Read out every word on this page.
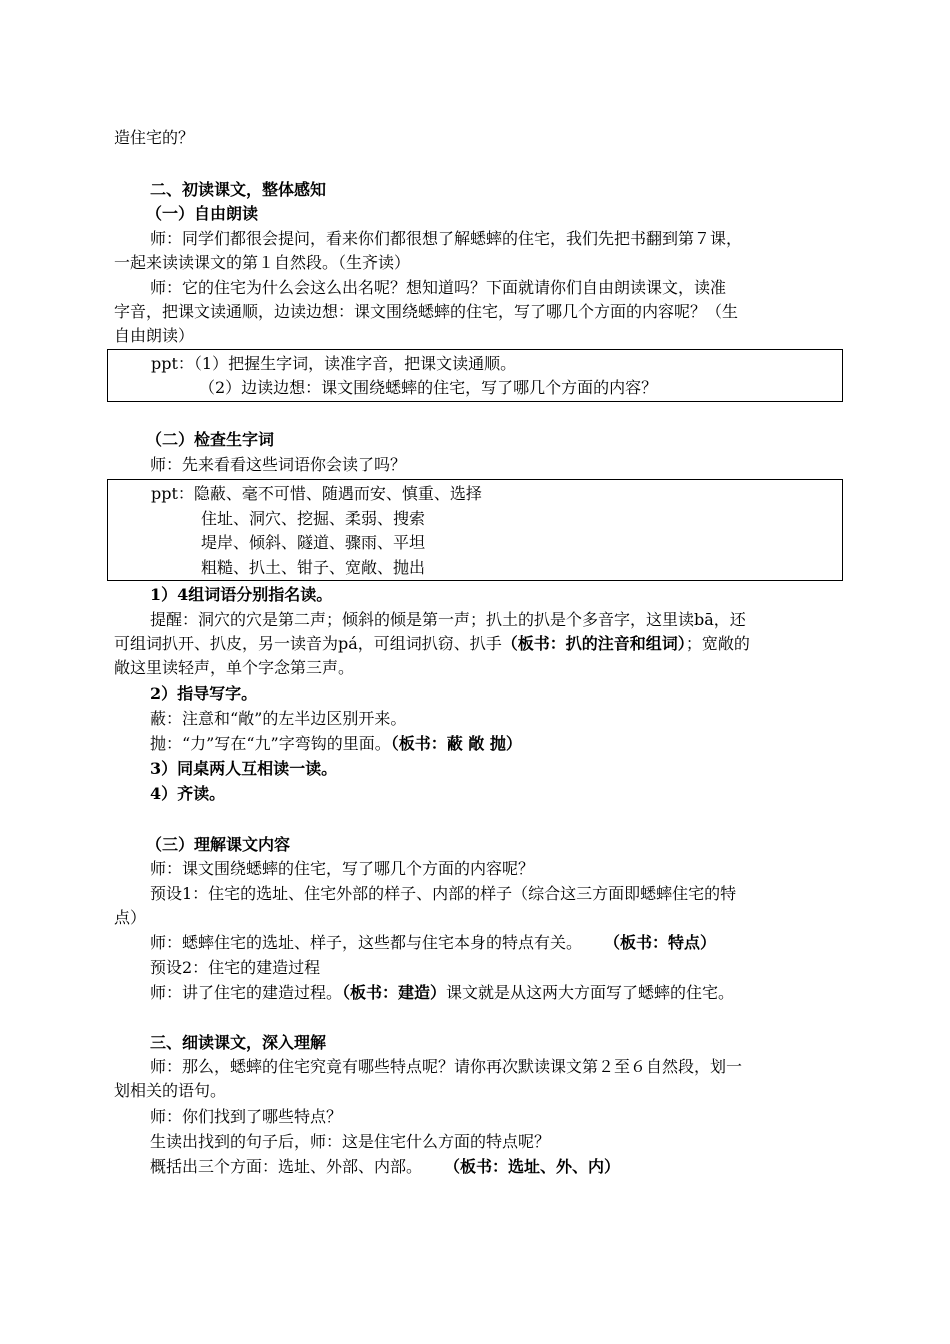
造住宅的？
二、初读课文，整体感知
（一）自由朗读
师：同学们都很会提问，看来你们都很想了解蟋蟀的住宅，我们先把书翻到第７课，
一起来读读课文的第１自然段。（生齐读）
师：它的住宅为什么会这么出名呢？想知道吗？下面就请你们自由朗读课文，读准
字音，把课文读通顺，边读边想：课文围绕蟋蟀的住宅，写了哪几个方面的内容呢？（生
自由朗读）
ppt：（1）把握生字词，读准字音，把课文读通顺。
（2）边读边想：课文围绕蟋蟀的住宅，写了哪几个方面的内容？
（二）检查生字词
师：先来看看这些词语你会读了吗？
ppt：隐蔽、毫不可惜、随遇而安、慎重、选择
住址、洞穴、挖掘、柔弱、搜索
堤岸、倾斜、隧道、骤雨、平坦
粗糙、扒土、钳子、宽敞、抛出
1）4组词语分别指名读。
提醒：洞穴的穴是第二声；倾斜的倾是第一声；扒土的扒是个多音字，这里读bā，还
可组词扒开、扒皮，另一读音为pá，可组词扒窃、扒手（板书：扒的注音和组词）；宽敞的
敞这里读轻声，单个字念第三声。
2）指导写字。
蔽：注意和“敞”的左半边区别开来。
抛：“力”写在“九”字弯钩的里面。（板书：蔽 敞 抛）
3）同桌两人互相读一读。
4）齐读。
（三）理解课文内容
师：课文围绕蟋蟀的住宅，写了哪几个方面的内容呢？
预设1：住宅的选址、住宅外部的样子、内部的样子（综合这三方面即蟋蟀住宅的特
点）
师：蟋蟀住宅的选址、样子，这些都与住宅本身的特点有关。 （板书：特点）
预设2：住宅的建造过程
师：讲了住宅的建造过程。（板书：建造）课文就是从这两大方面写了蟋蟀的住宅。
三、细读课文，深入理解
师：那么，蟋蟀的住宅究竟有哪些特点呢？请你再次默读课文第２至６自然段，划一
划相关的语句。
师：你们找到了哪些特点？
生读出找到的句子后，师：这是住宅什么方面的特点呢？
概括出三个方面：选址、外部、内部。 （板书：选址、外、内）
